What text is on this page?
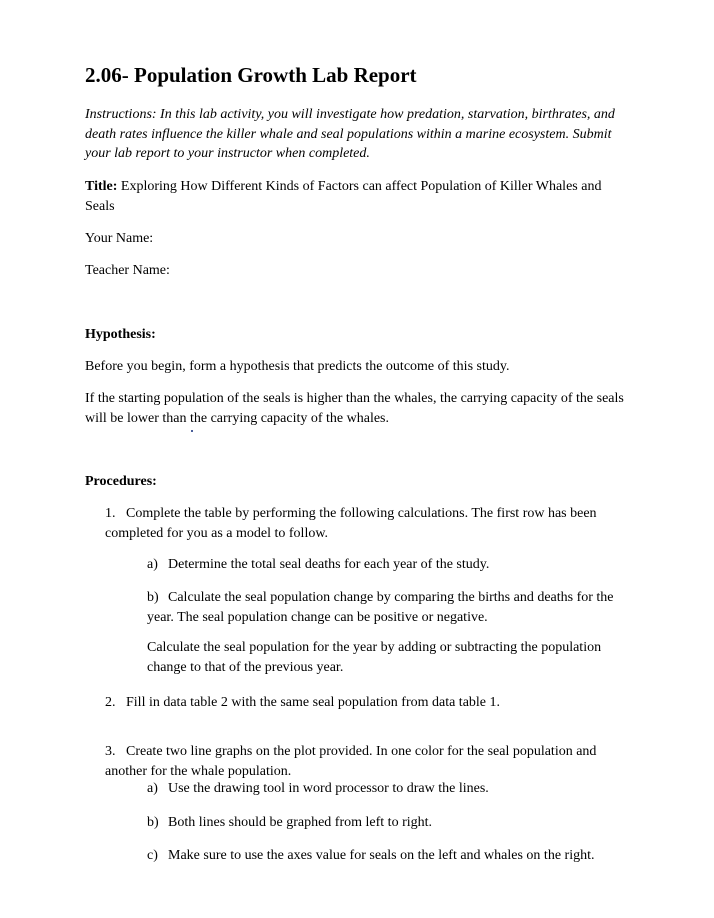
2.06- Population Growth Lab Report
Instructions: In this lab activity, you will investigate how predation, starvation, birthrates, and death rates influence the killer whale and seal populations within a marine ecosystem. Submit your lab report to your instructor when completed.
Title: Exploring How Different Kinds of Factors can affect Population of Killer Whales and Seals
Your Name:
Teacher Name:
Hypothesis:
Before you begin, form a hypothesis that predicts the outcome of this study.
If the starting population of the seals is higher than the whales, the carrying capacity of the seals will be lower than the carrying capacity of the whales.
Procedures:
1. Complete the table by performing the following calculations. The first row has been completed for you as a model to follow.
a) Determine the total seal deaths for each year of the study.
b) Calculate the seal population change by comparing the births and deaths for the year. The seal population change can be positive or negative.
Calculate the seal population for the year by adding or subtracting the population change to that of the previous year.
2. Fill in data table 2 with the same seal population from data table 1.
3. Create two line graphs on the plot provided. In one color for the seal population and another for the whale population.
a) Use the drawing tool in word processor to draw the lines.
b) Both lines should be graphed from left to right.
c) Make sure to use the axes value for seals on the left and whales on the right.
